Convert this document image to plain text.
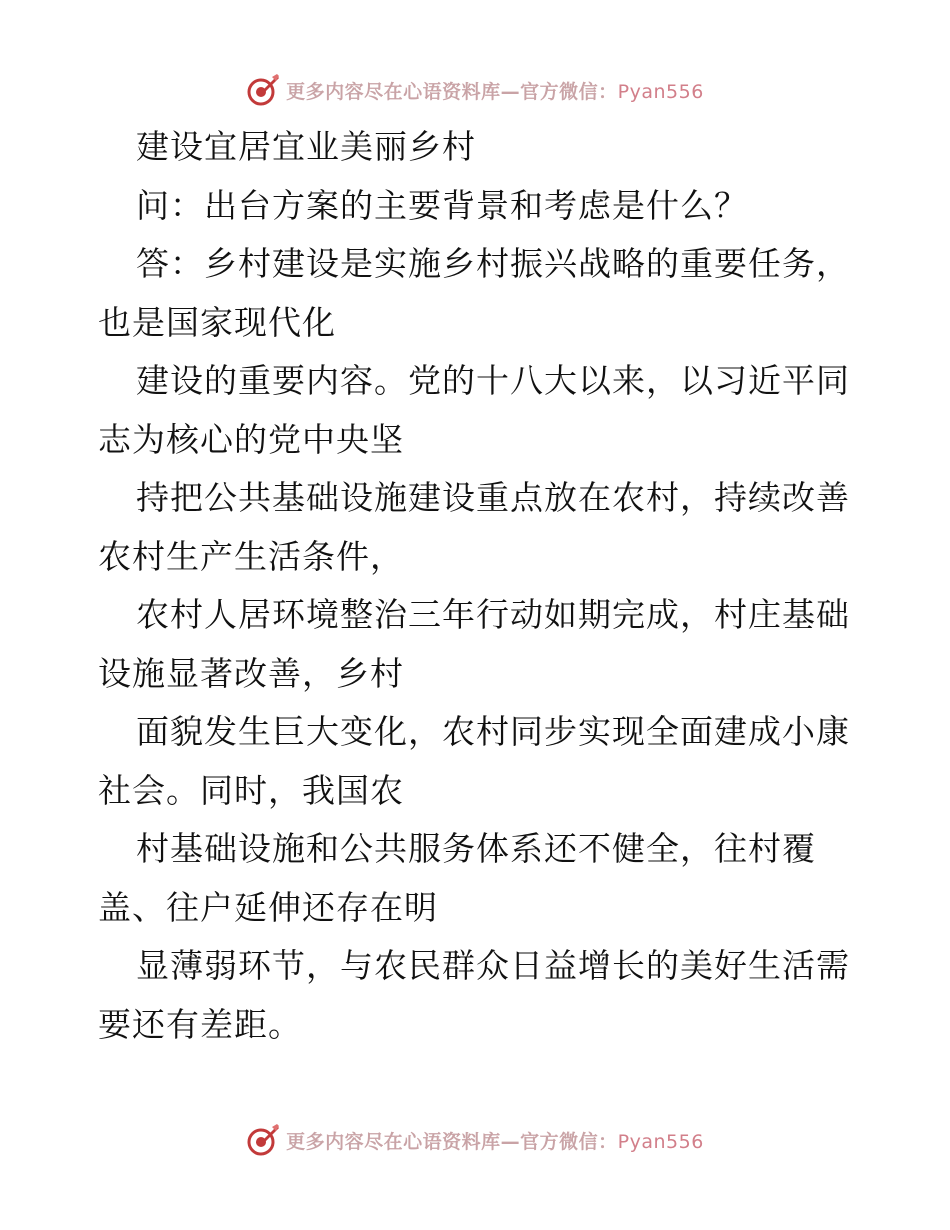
更多内容尽在心语资料库—官方微信：Pyan556

建设宜居宜业美丽乡村

问：出台方案的主要背景和考虑是什么？

答：乡村建设是实施乡村振兴战略的重要任务，
也是国家现代化

建设的重要内容。党的十八大以来，以习近平同
志为核心的党中央坚

持把公共基础设施建设重点放在农村，持续改善
农村生产生活条件，

农村人居环境整治三年行动如期完成，村庄基础
设施显著改善，乡村

面貌发生巨大变化，农村同步实现全面建成小康
社会。同时，我国农

村基础设施和公共服务体系还不健全，往村覆
盖、往户延伸还存在明

显薄弱环节，与农民群众日益增长的美好生活需
要还有差距。

更多内容尽在心语资料库—官方微信：Pyan556
